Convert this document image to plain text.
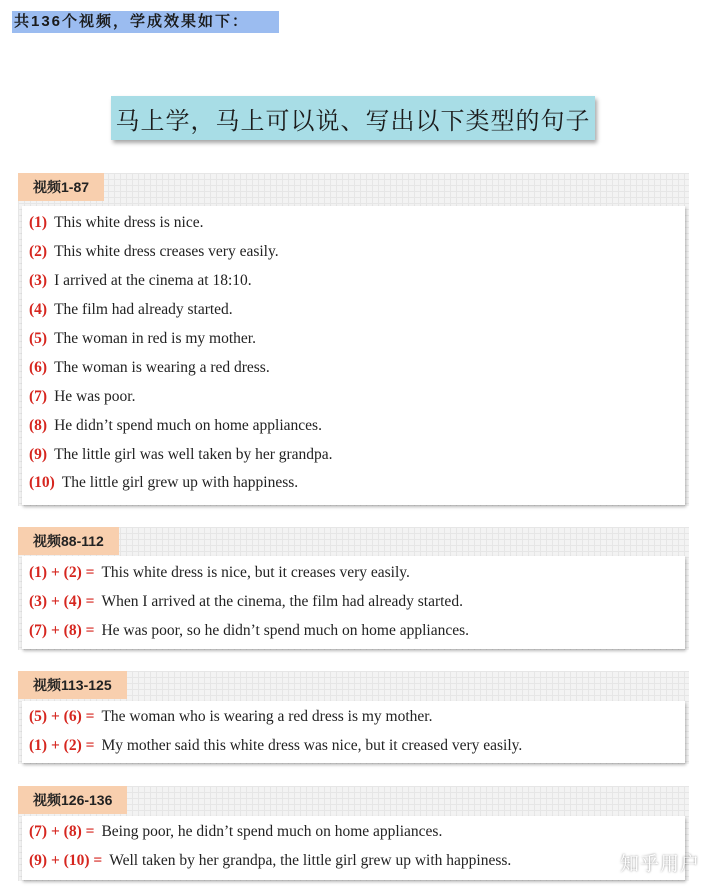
共136个视频，学成效果如下：
马上学，马上可以说、写出以下类型的句子
视频1-87
(1) This white dress is nice.
(2) This white dress creases very easily.
(3) I arrived at the cinema at 18:10.
(4) The film had already started.
(5) The woman in red is my mother.
(6) The woman is wearing a red dress.
(7) He was poor.
(8) He didn’t spend much on home appliances.
(9) The little girl was well taken by her grandpa.
(10) The little girl grew up with happiness.
视频88-112
(1) + (2) = This white dress is nice, but it creases very easily.
(3) + (4) = When I arrived at the cinema, the film had already started.
(7) + (8) = He was poor, so he didn’t spend much on home appliances.
视频113-125
(5) + (6) = The woman who is wearing a red dress is my mother.
(1) + (2) = My mother said this white dress was nice, but it creased very easily.
视频126-136
(7) + (8) = Being poor, he didn’t spend much on home appliances.
(9) + (10) = Well taken by her grandpa, the little girl grew up with happiness.	知乎用户
